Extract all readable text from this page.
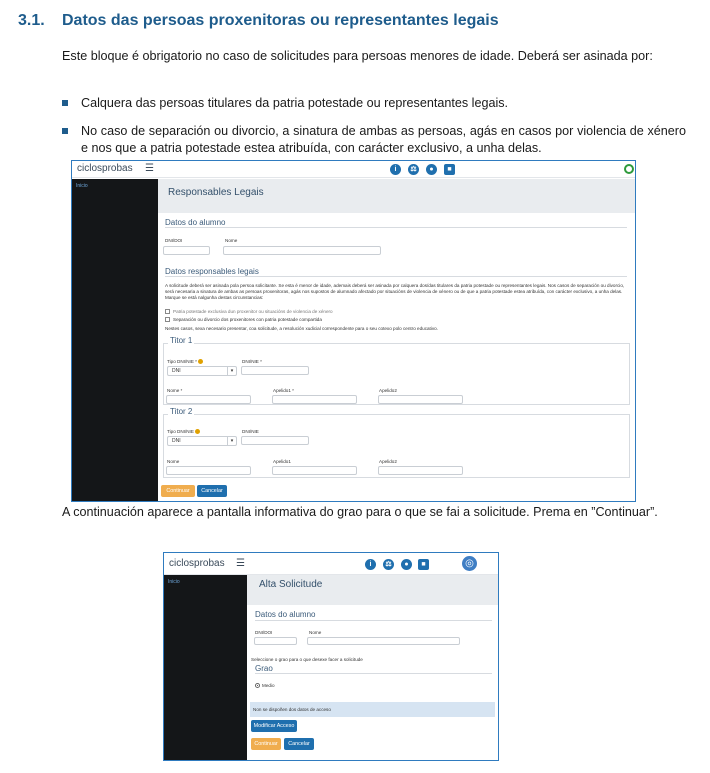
3.1. Datos das persoas proxenitoras ou representantes legais
Este bloque é obrigatorio no caso de solicitudes para persoas menores de idade. Deberá ser asinada por:
Calquera das persoas titulares da patria potestade ou representantes legais.
No caso de separación ou divorcio, a sinatura de ambas as persoas, agás en casos por violencia de xénero e nos que a patria potestade estea atribuída, con carácter exclusivo, a unha delas.
ciclosprobas ☰	i	⚖	●	■
Inicio
Responsables Legais
Datos do alumno
DNI/DOI	Nome
Datos responsables legais
A solicitude deberá ser asinada pola persoa solicitante. Se esta é menor de idade, ademais deberá ser asinada por calquera dos/das titulares da patria potestade ou representantes legais. Nos casos de separación ou divorcio, será necesaria a sinatura de ambas as persoas proxenitoras, agás nos supostos de alumnado afectado por situacións de violencia de xénero ou de que a patria potestade estea atribuída, con carácter exclusivo, a unha delas. Marque se está nalgunha destas circunstancias:
Patria potestade exclusiva dun proxenitor ou situacións de violencia de xénero
Separación ou divorcio dos proxenitores con patria potestade compartida
Nestes casos, sexa necesario presentar, coa solicitude, a resolución xudicial correspondente para o seu cotexo polo centro educativo.
Titor 1
Tipo DNI/NIE *
DNI	▾
DNI/NIE *
Nome *	Apelido1 *	Apelido2
Titor 2
Tipo DNI/NIE
DNI	▾
DNI/NIE
Nome	Apelido1	Apelido2
Continuar	Cancelar
A continuación aparece a pantalla informativa do grao para o que se fai a solicitude. Prema en ”Continuar”.
ciclosprobas ☰	i	⚖	●	■	◎
Inicio	Alta Solicitude
Datos do alumno
DNI/DOI	Nome
Seleccione o grao para o que desexe facer a solicitude
Grao
Medio
Non se dispoñen dos datos de acceso
Modificar Acceso
Continuar	Cancelar
